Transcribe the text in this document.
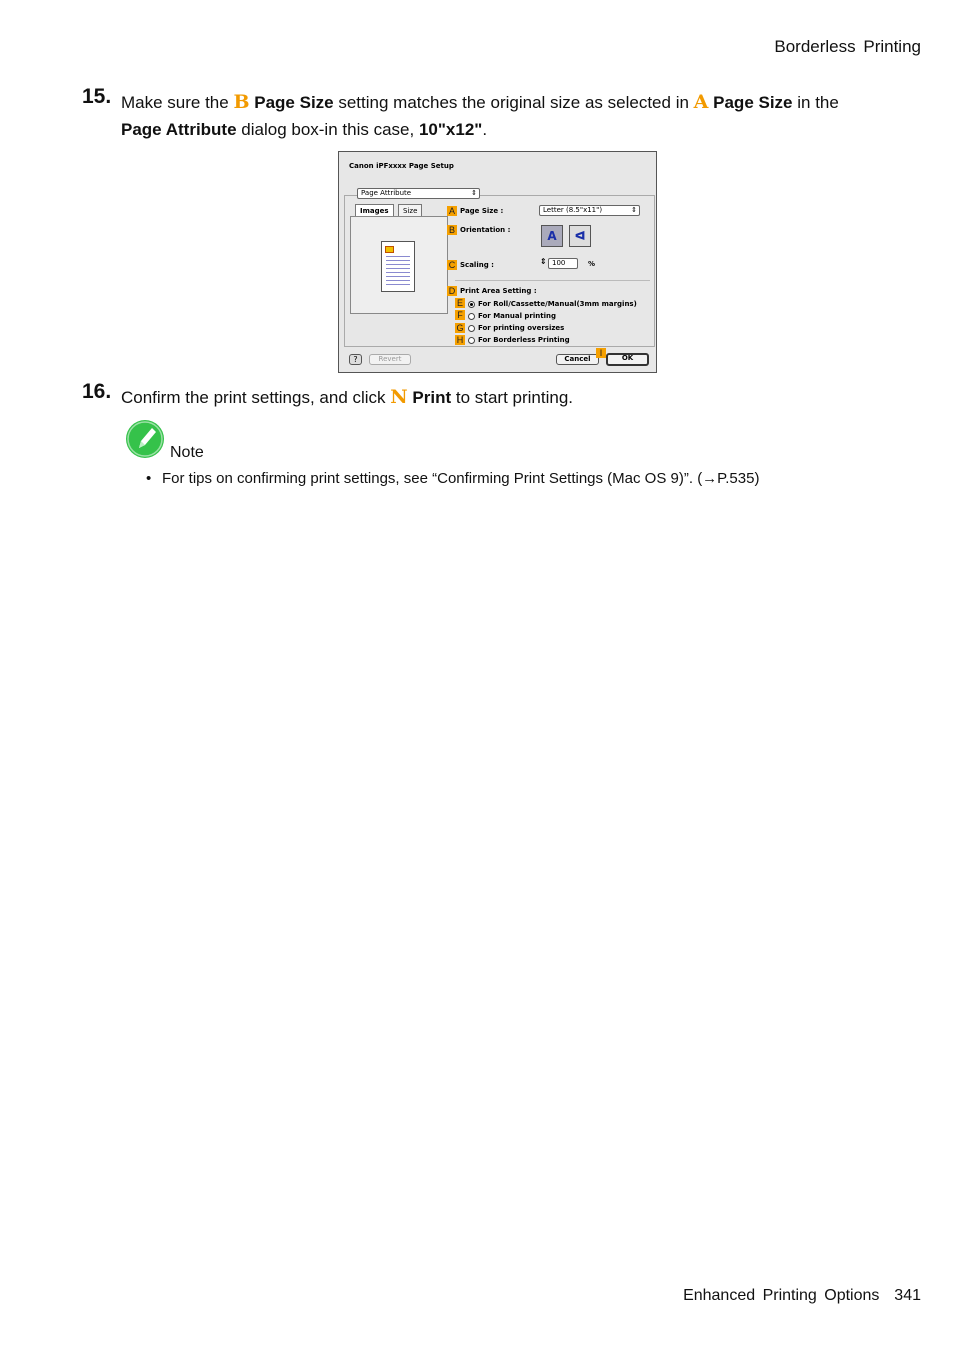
Borderless Printing
15. Make sure the B Page Size setting matches the original size as selected in A Page Size in the
Page Attribute dialog box-in this case, 10"x12".
Canon iPFxxxx Page Setup
Page Attribute	⇕
Images	Size	A Page Size :	Letter (8.5"x11")	⇕
B Orientation :	A	ᐊ
C Scaling :	100
⇕	%
D Print Area Setting :
E For Roll/Cassette/Manual(3mm margins)
F	For Manual printing
G For printing oversizes
H For Borderless Printing
?	Revert	Cancel
I	OK
16. Confirm the print settings, and click N Print to start printing.
Note
• For tips on confirming print settings, see “Confirming Print Settings (Mac OS 9)”. (→P.535)
Enhanced Printing Options 341
